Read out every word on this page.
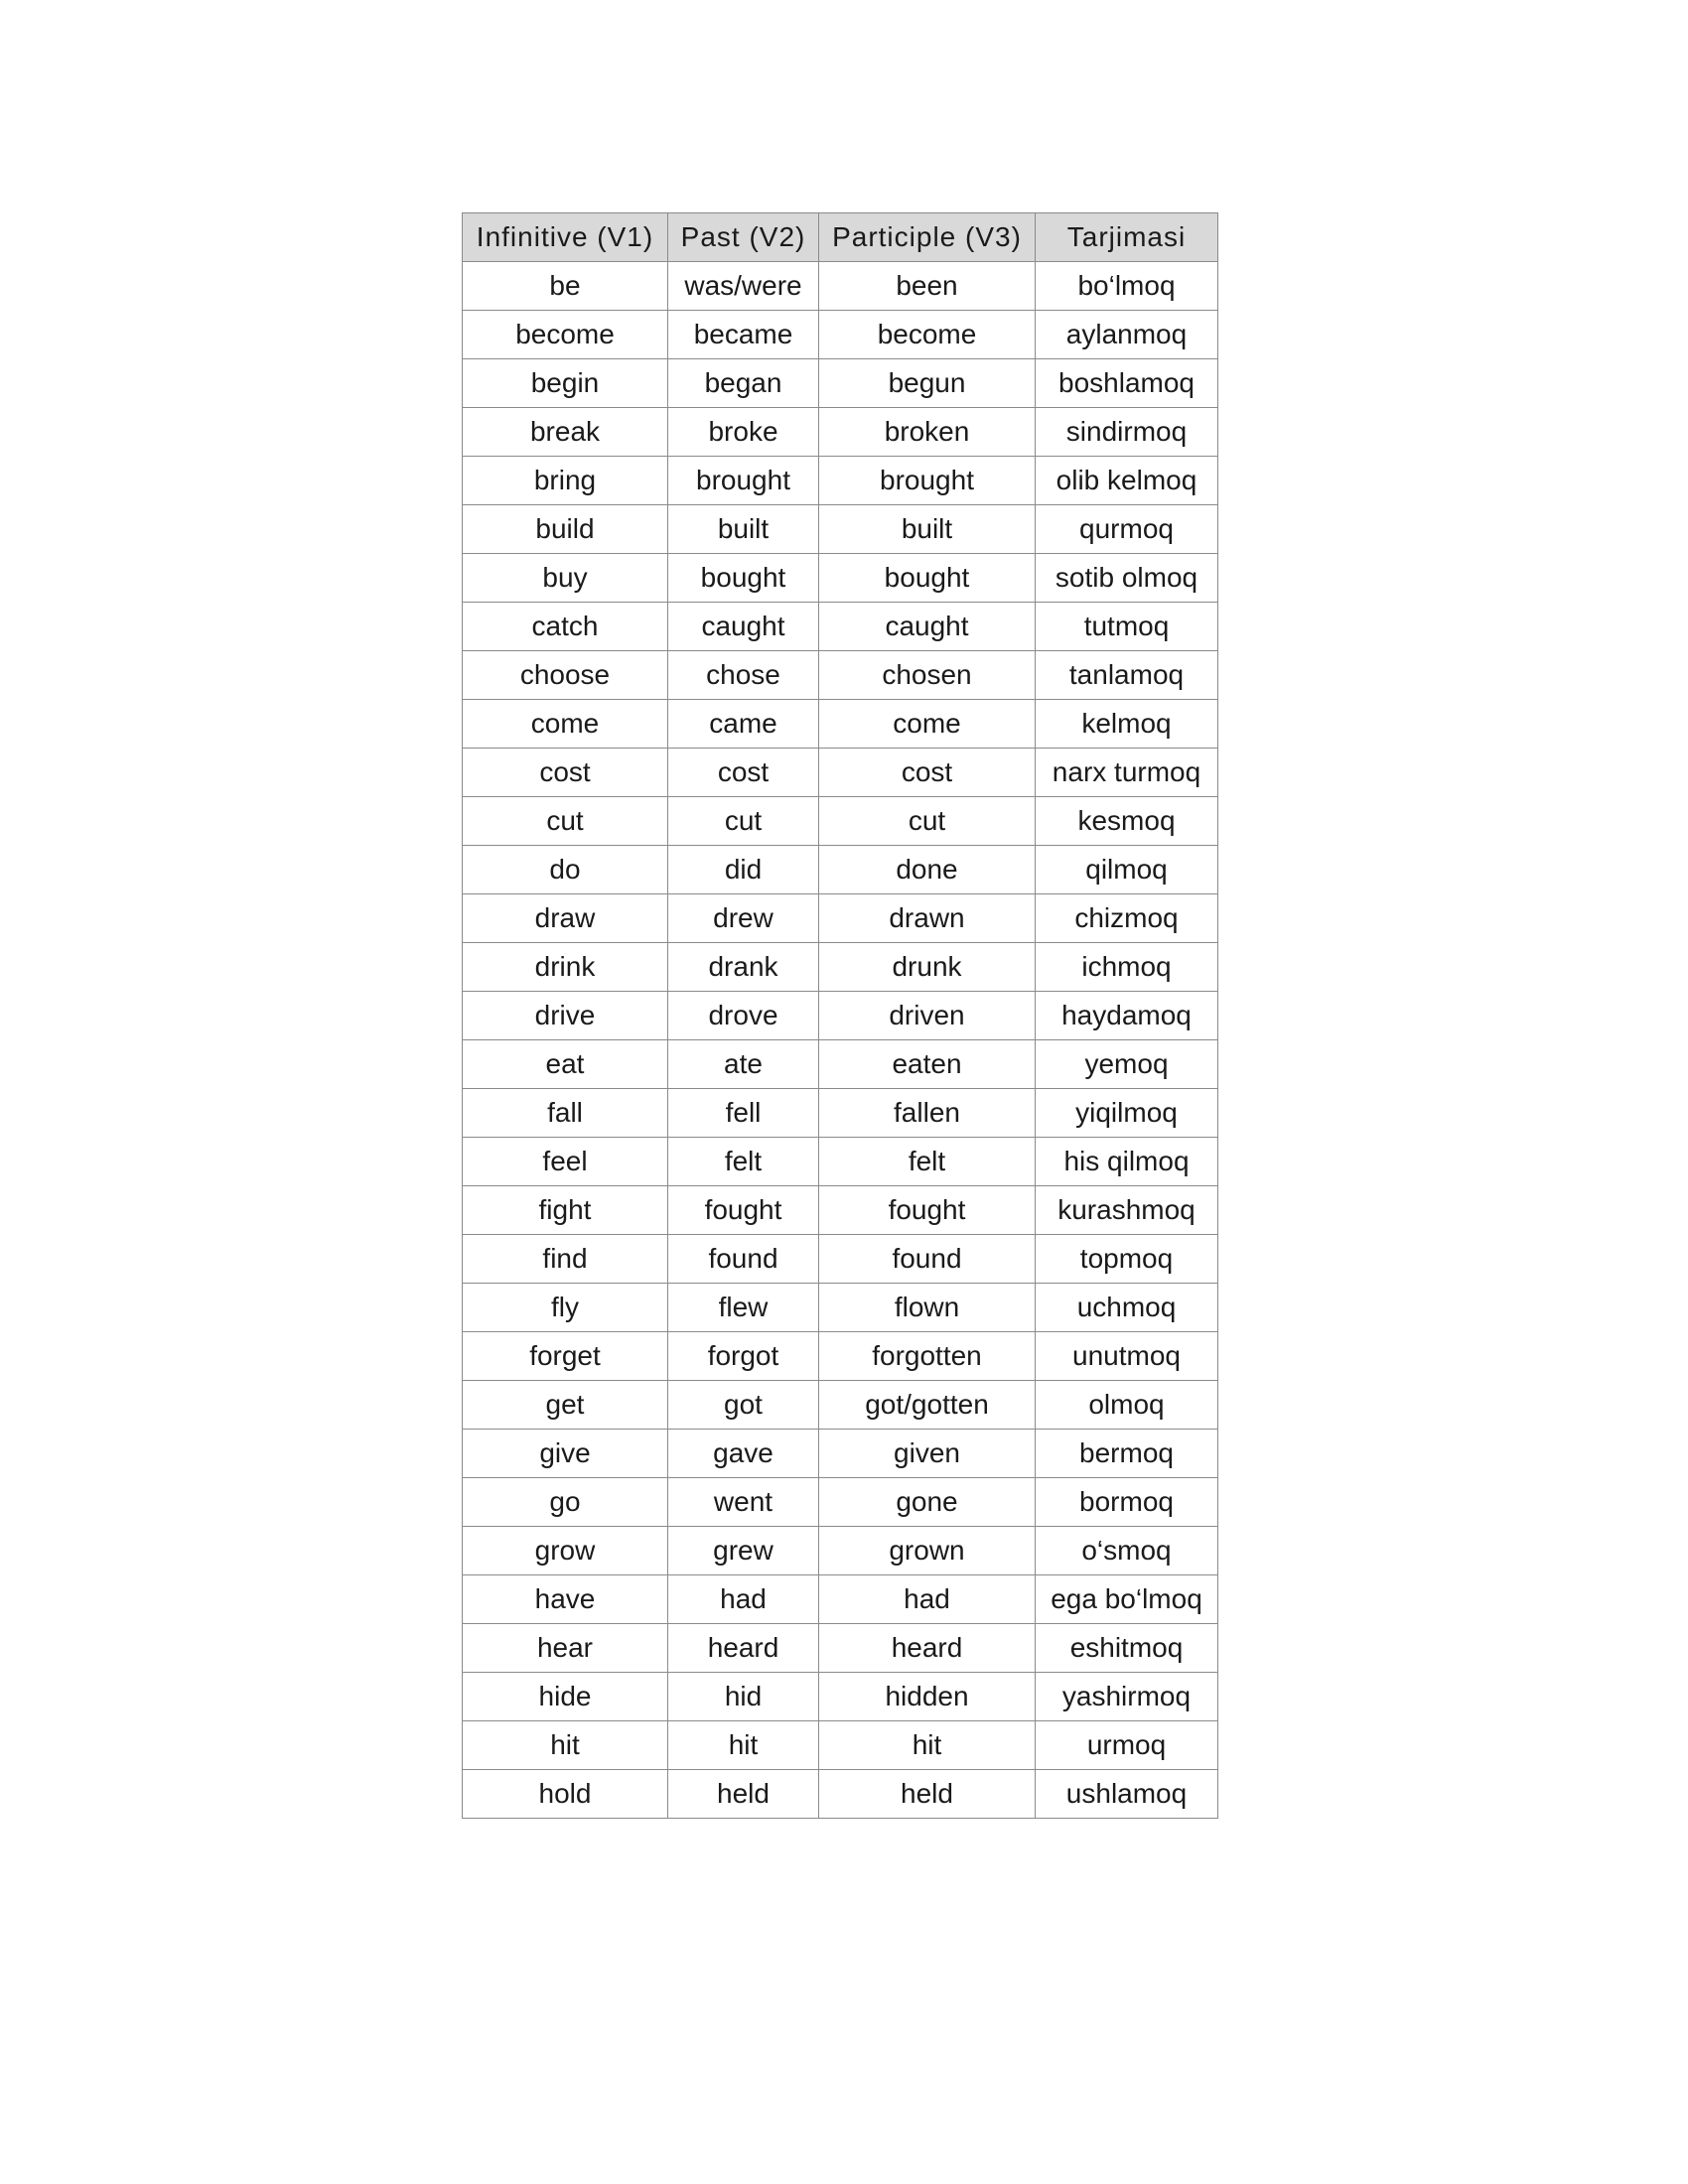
Infinitive (V1)	Past (V2)	Participle (V3)	Tarjimasi
be	was/were	been	bo‘lmoq
become	became	become	aylanmoq
begin	began	begun	boshlamoq
break	broke	broken	sindirmoq
bring	brought	brought	olib kelmoq
build	built	built	qurmoq
buy	bought	bought	sotib olmoq
catch	caught	caught	tutmoq
choose	chose	chosen	tanlamoq
come	came	come	kelmoq
cost	cost	cost	narx turmoq
cut	cut	cut	kesmoq
do	did	done	qilmoq
draw	drew	drawn	chizmoq
drink	drank	drunk	ichmoq
drive	drove	driven	haydamoq
eat	ate	eaten	yemoq
fall	fell	fallen	yiqilmoq
feel	felt	felt	his qilmoq
fight	fought	fought	kurashmoq
find	found	found	topmoq
fly	flew	flown	uchmoq
forget	forgot	forgotten	unutmoq
get	got	got/gotten	olmoq
give	gave	given	bermoq
go	went	gone	bormoq
grow	grew	grown	o‘smoq
have	had	had	ega bo‘lmoq
hear	heard	heard	eshitmoq
hide	hid	hidden	yashirmoq
hit	hit	hit	urmoq
hold	held	held	ushlamoq
